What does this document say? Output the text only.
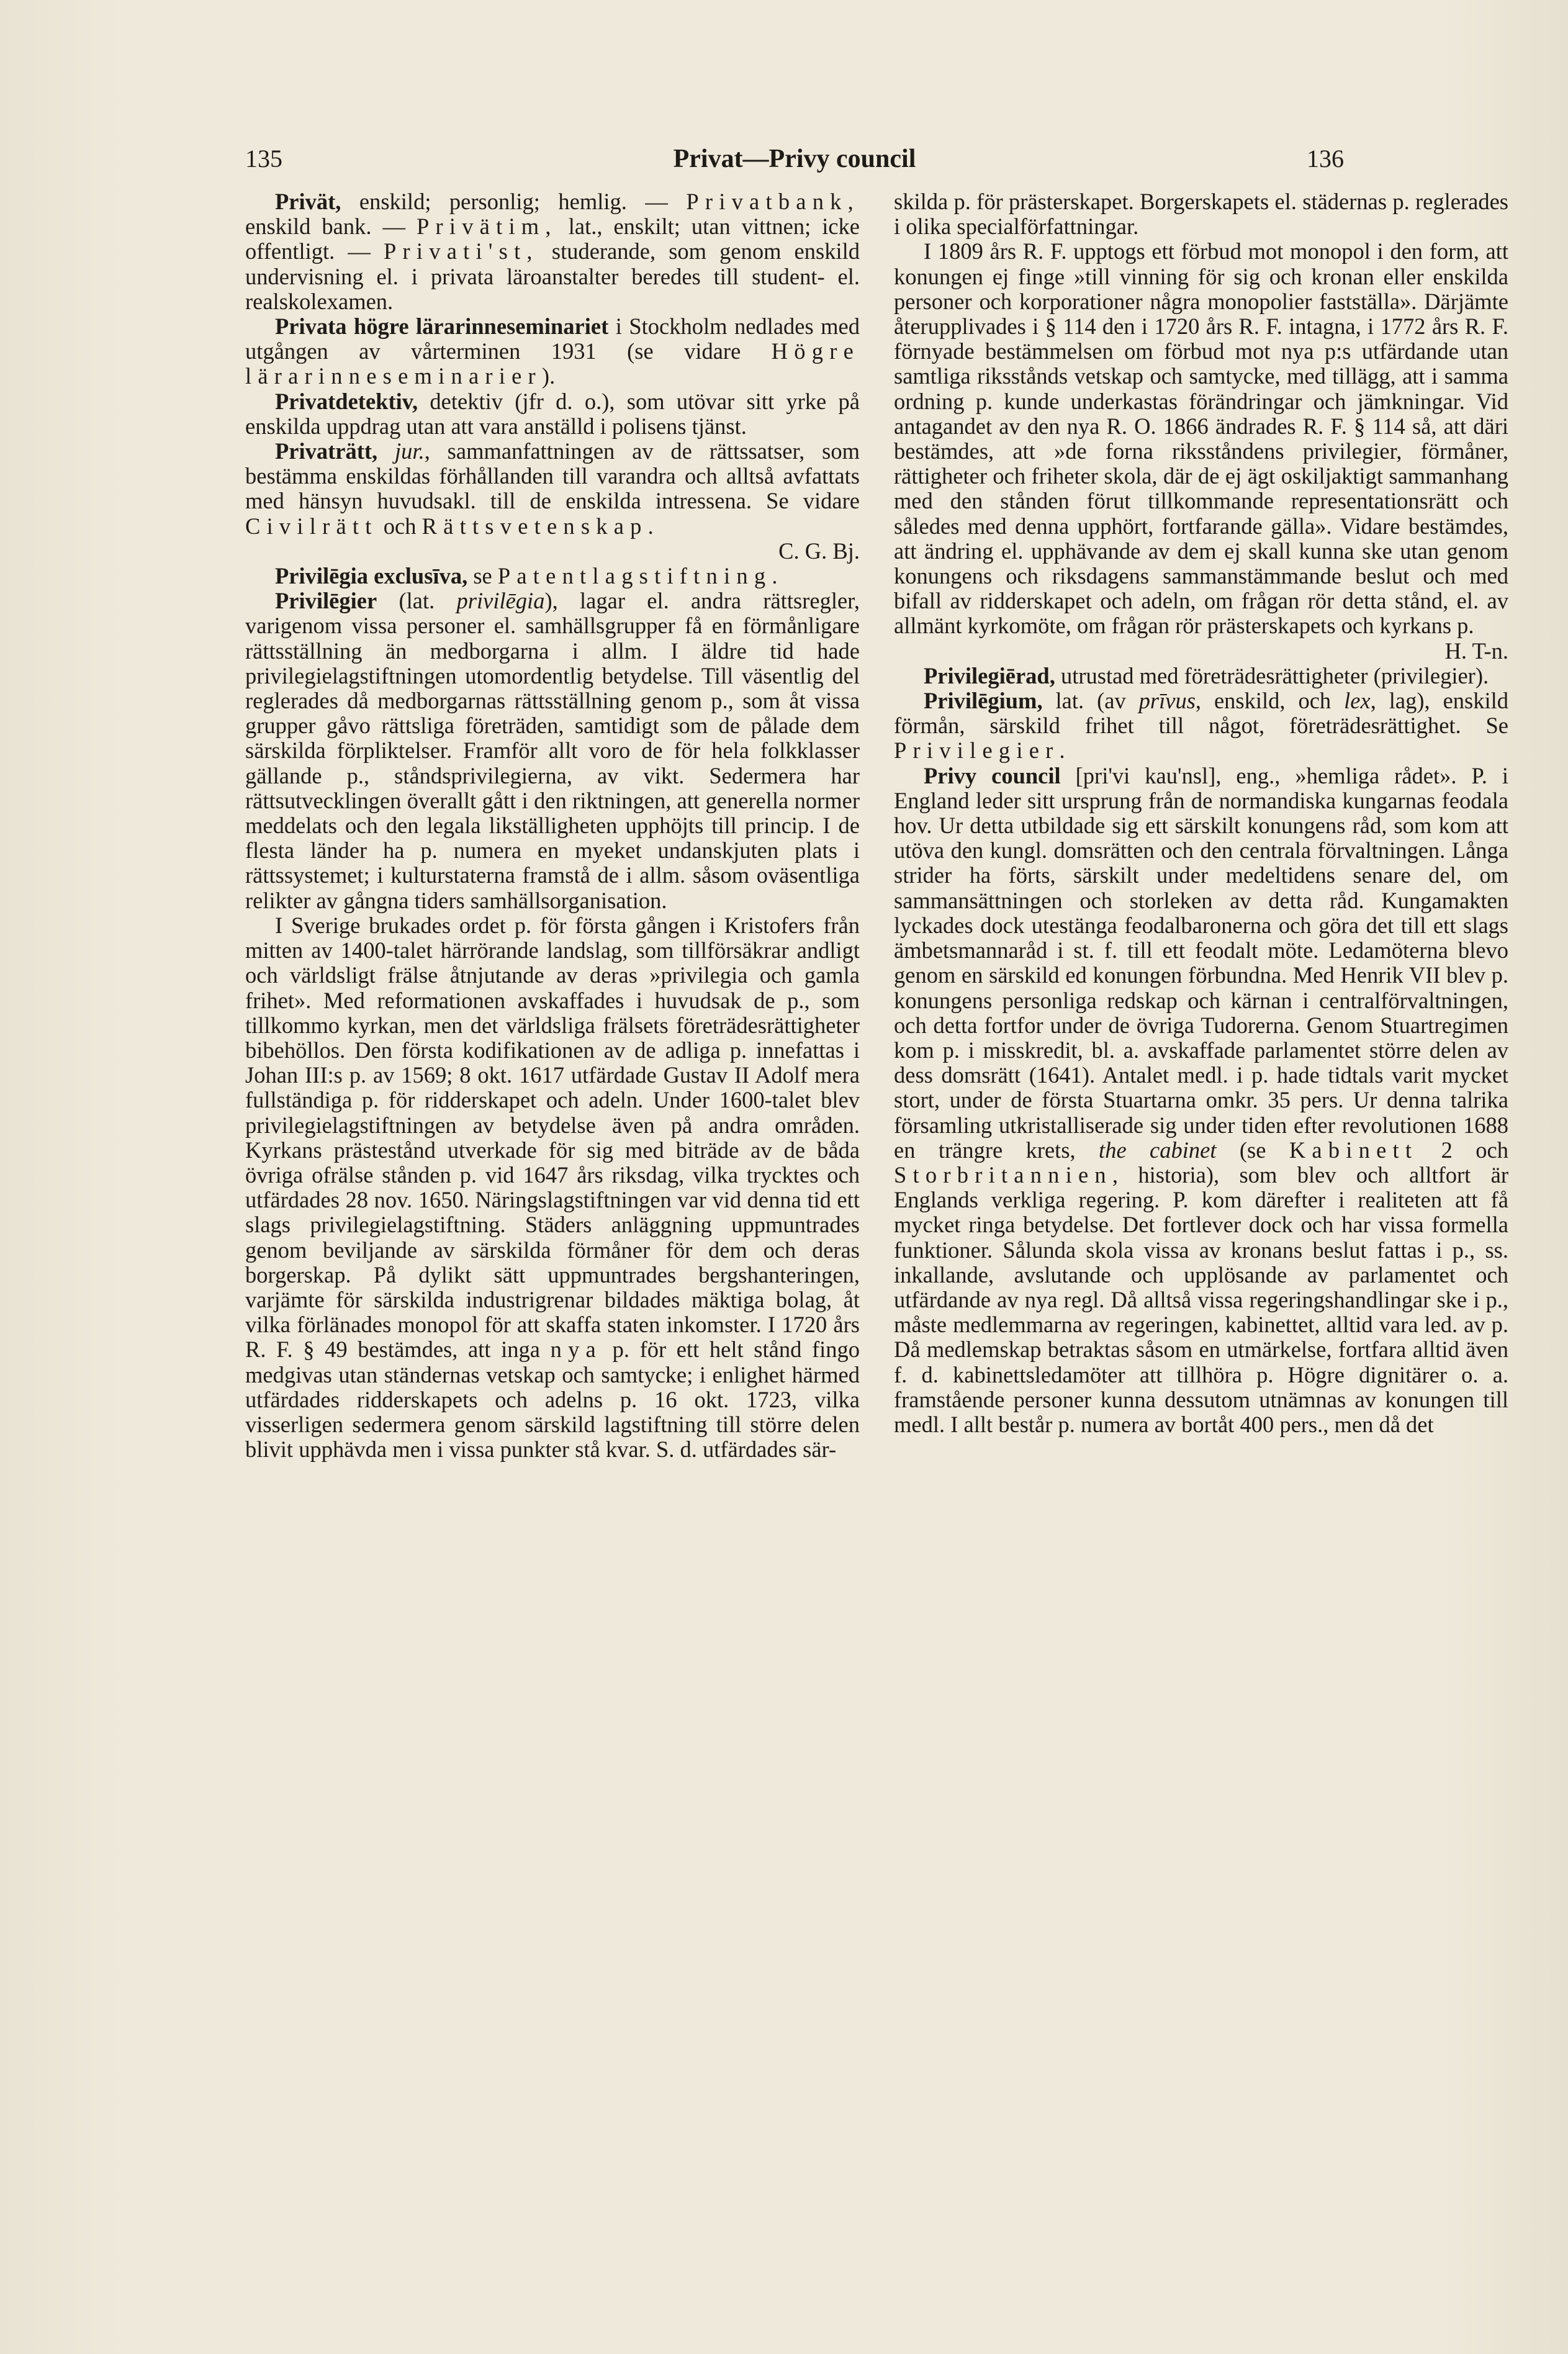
135	Privat—Privy council	136

Privät, enskild; personlig; hemlig. — Privatbank, enskild bank. — Privätim, lat., enskilt; utan vittnen; icke offentligt. — Privati'st, studerande, som genom enskild undervisning el. i privata läroanstalter beredes till student- el. realskolexamen.

Privata högre lärarinneseminariet i Stockholm nedlades med utgången av vårterminen 1931 (se vidare Högre lärarinneseminarier).

Privatdetektiv, detektiv (jfr d. o.), som utövar sitt yrke på enskilda uppdrag utan att vara anställd i polisens tjänst.

Privaträtt, jur., sammanfattningen av de rättssatser, som bestämma enskildas förhållanden till varandra och alltså avfattats med hänsyn huvudsakl. till de enskilda intressena. Se vidare Civilrätt och Rättsvetenskap.
C. G. Bj.

Privilēgia exclusīva, se Patentlagstiftning.

Privilēgier (lat. privilēgia), lagar el. andra rättsregler, varigenom vissa personer el. samhällsgrupper få en förmånligare rättsställning än medborgarna i allm. I äldre tid hade privilegielagstiftningen utomordentlig betydelse. Till väsentlig del reglerades då medborgarnas rättsställning genom p., som åt vissa grupper gåvo rättsliga företräden, samtidigt som de pålade dem särskilda förpliktelser. Framför allt voro de för hela folkklasser gällande p., ståndsprivilegierna, av vikt. Sedermera har rättsutvecklingen överallt gått i den riktningen, att generella normer meddelats och den legala likställigheten upphöjts till princip. I de flesta länder ha p. numera en myeket undanskjuten plats i rättssystemet; i kulturstaterna framstå de i allm. såsom oväsentliga relikter av gångna tiders samhällsorganisation.

I Sverige brukades ordet p. för första gången i Kristofers från mitten av 1400-talet härrörande landslag, som tillförsäkrar andligt och världsligt frälse åtnjutande av deras »privilegia och gamla frihet». Med reformationen avskaffades i huvudsak de p., som tillkommo kyrkan, men det världsliga frälsets företrädesrättigheter bibehöllos. Den första kodifikationen av de adliga p. innefattas i Johan III:s p. av 1569; 8 okt. 1617 utfärdade Gustav II Adolf mera fullständiga p. för ridderskapet och adeln. Under 1600-talet blev privilegielagstiftningen av betydelse även på andra områden. Kyrkans prästestånd utverkade för sig med biträde av de båda övriga ofrälse stånden p. vid 1647 års riksdag, vilka trycktes och utfärdades 28 nov. 1650. Näringslagstiftningen var vid denna tid ett slags privilegielagstiftning. Städers anläggning uppmuntrades genom beviljande av särskilda förmåner för dem och deras borgerskap. På dylikt sätt uppmuntrades bergshanteringen, varjämte för särskilda industrigrenar bildades mäktiga bolag, åt vilka förlänades monopol för att skaffa staten inkomster. I 1720 års R. F. § 49 bestämdes, att inga nya p. för ett helt stånd fingo medgivas utan ständernas vetskap och samtycke; i enlighet härmed utfärdades ridderskapets och adelns p. 16 okt. 1723, vilka visserligen sedermera genom särskild lagstiftning till större delen blivit upphävda men i vissa punkter stå kvar. S. d. utfärdades sär-

skilda p. för prästerskapet. Borgerskapets el. städernas p. reglerades i olika specialförfattningar.

I 1809 års R. F. upptogs ett förbud mot monopol i den form, att konungen ej finge »till vinning för sig och kronan eller enskilda personer och korporationer några monopolier fastställa». Därjämte återupplivades i § 114 den i 1720 års R. F. intagna, i 1772 års R. F. förnyade bestämmelsen om förbud mot nya p:s utfärdande utan samtliga riksstånds vetskap och samtycke, med tillägg, att i samma ordning p. kunde underkastas förändringar och jämkningar. Vid antagandet av den nya R. O. 1866 ändrades R. F. § 114 så, att däri bestämdes, att »de forna riksståndens privilegier, förmåner, rättigheter och friheter skola, där de ej ägt oskiljaktigt sammanhang med den stånden förut tillkommande representationsrätt och således med denna upphört, fortfarande gälla». Vidare bestämdes, att ändring el. upphävande av dem ej skall kunna ske utan genom konungens och riksdagens sammanstämmande beslut och med bifall av ridderskapet och adeln, om frågan rör detta stånd, el. av allmänt kyrkomöte, om frågan rör prästerskapets och kyrkans p.
H. T-n.

Privilegiērad, utrustad med företrädesrättigheter (privilegier).

Privilēgium, lat. (av prīvus, enskild, och lex, lag), enskild förmån, särskild frihet till något, företrädesrättighet. Se Privilegier.

Privy council [pri'vi kau'nsl], eng., »hemliga rådet». P. i England leder sitt ursprung från de normandiska kungarnas feodala hov. Ur detta utbildade sig ett särskilt konungens råd, som kom att utöva den kungl. domsrätten och den centrala förvaltningen. Långa strider ha förts, särskilt under medeltidens senare del, om sammansättningen och storleken av detta råd. Kungamakten lyckades dock utestänga feodalbaronerna och göra det till ett slags ämbetsmannaråd i st. f. till ett feodalt möte. Ledamöterna blevo genom en särskild ed konungen förbundna. Med Henrik VII blev p. konungens personliga redskap och kärnan i centralförvaltningen, och detta fortfor under de övriga Tudorerna. Genom Stuartregimen kom p. i misskredit, bl. a. avskaffade parlamentet större delen av dess domsrätt (1641). Antalet medl. i p. hade tidtals varit mycket stort, under de första Stuartarna omkr. 35 pers. Ur denna talrika församling utkristalliserade sig under tiden efter revolutionen 1688 en trängre krets, the cabinet (se Kabinett 2 och Storbritannien, historia), som blev och alltfort är Englands verkliga regering. P. kom därefter i realiteten att få mycket ringa betydelse. Det fortlever dock och har vissa formella funktioner. Sålunda skola vissa av kronans beslut fattas i p., ss. inkallande, avslutande och upplösande av parlamentet och utfärdande av nya regl. Då alltså vissa regeringshandlingar ske i p., måste medlemmarna av regeringen, kabinettet, alltid vara led. av p. Då medlemskap betraktas såsom en utmärkelse, fortfara alltid även f. d. kabinettsledamöter att tillhöra p. Högre dignitärer o. a. framstående personer kunna dessutom utnämnas av konungen till medl. I allt består p. numera av bortåt 400 pers., men då det
